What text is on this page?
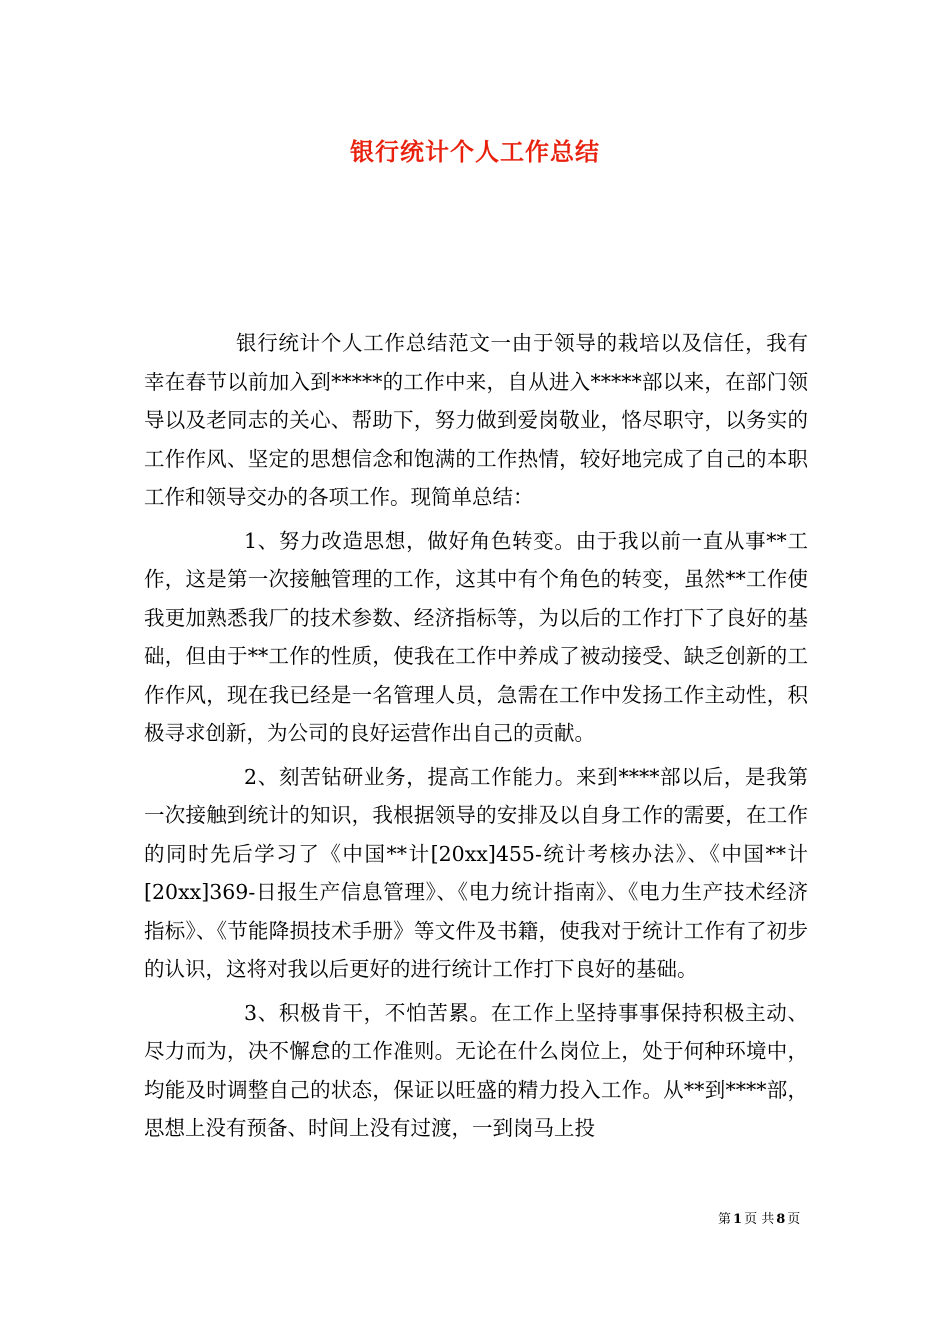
银行统计个人工作总结

银行统计个人工作总结范文一由于领导的栽培以及信任，我有幸在春节以前加入到*****的工作中来，自从进入*****部以来，在部门领导以及老同志的关心、帮助下，努力做到爱岗敬业，恪尽职守，以务实的工作作风、坚定的思想信念和饱满的工作热情，较好地完成了自己的本职工作和领导交办的各项工作。现简单总结：

1、努力改造思想，做好角色转变。由于我以前一直从事**工作，这是第一次接触管理的工作，这其中有个角色的转变，虽然**工作使我更加熟悉我厂的技术参数、经济指标等，为以后的工作打下了良好的基础，但由于**工作的性质，使我在工作中养成了被动接受、缺乏创新的工作作风，现在我已经是一名管理人员，急需在工作中发扬工作主动性，积极寻求创新，为公司的良好运营作出自己的贡献。

2、刻苦钻研业务，提高工作能力。来到****部以后，是我第一次接触到统计的知识，我根据领导的安排及以自身工作的需要，在工作的同时先后学习了《中国**计[20xx]455-统计考核办法》、《中国**计[20xx]369-日报生产信息管理》、《电力统计指南》、《电力生产技术经济指标》、《节能降损技术手册》等文件及书籍，使我对于统计工作有了初步的认识，这将对我以后更好的进行统计工作打下良好的基础。

3、积极肯干，不怕苦累。在工作上坚持事事保持积极主动、尽力而为，决不懈怠的工作准则。无论在什么岗位上，处于何种环境中，均能及时调整自己的状态，保证以旺盛的精力投入工作。从**到****部，思想上没有预备、时间上没有过渡，一到岗马上投

第 1 页 共 8 页
